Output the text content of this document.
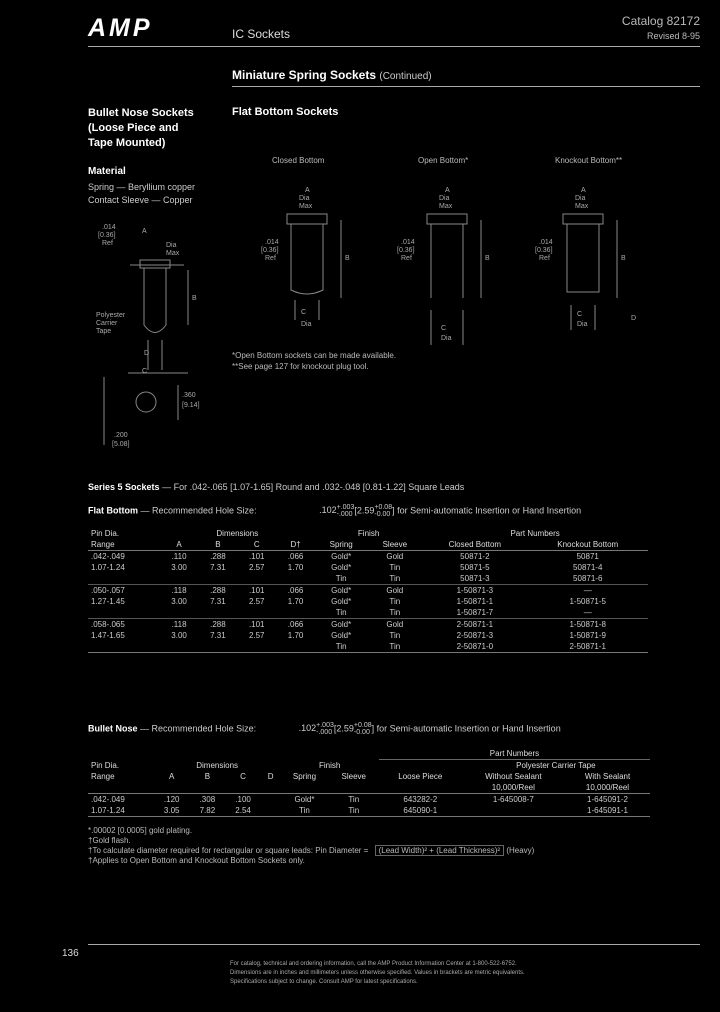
AMP	IC Sockets
Catalog 82172
Revised 8-95
Miniature Spring Sockets (Continued)
Bullet Nose Sockets
(Loose Piece and
Tape Mounted)
Material
Spring — Beryllium copper
Contact Sleeve — Copper
.014
[0.36]
Ref
A
Dia
Max
B
D
C
Polyester
Carrier
Tape
.360
[9.14]
.200
[5.08]
Flat Bottom Sockets
Closed Bottom	Open Bottom*	Knockout Bottom**
A
Dia
Max
.014
[0.36]
Ref	B
C
Dia
A
Dia
Max
.014
[0.36]
Ref	B
C
Dia
A
Dia
Max
.014
[0.36]
Ref	B
C
Dia
D
*Open Bottom sockets can be made available.
**See page 127 for knockout plug tool.
Series 5 Sockets — For .042-.065 [1.07-1.65] Round and .032-.048 [0.81-1.22] Square Leads
Flat Bottom — Recommended Hole Size:	.102 +.003
-.000 [2.59 +0.08
-0.00 ] for Semi-automatic Insertion or Hand Insertion
Pin Dia.	Dimensions				Finish		Part Numbers	
Range	A	B	C	D†	Spring	Sleeve	Closed Bottom	Knockout Bottom
.042-.049	.110	.288	.101	.066	Gold*	Gold	50871-2	50871
1.07-1.24	3.00	7.31	2.57	1.70	Gold*	Tin	50871-5	50871-4
					Tin	Tin	50871-3	50871-6
.050-.057	.118	.288	.101	.066	Gold*	Gold	1-50871-3	—
1.27-1.45	3.00	7.31	2.57	1.70	Gold*	Tin	1-50871-1	1-50871-5
					Tin	Tin	1-50871-7	—
.058-.065	.118	.288	.101	.066	Gold*	Gold	2-50871-1	1-50871-8
1.47-1.65	3.00	7.31	2.57	1.70	Gold*	Tin	2-50871-3	1-50871-9
					Tin	Tin	2-50871-0	2-50871-1
Bullet Nose — Recommended Hole Size:	.102 +.003
-.000 [2.59 +0.08
-0.00 ] for Semi-automatic Insertion or Hand Insertion
							Part Numbers		
Pin Dia.	Dimensions				Finish			Polyester Carrier Tape	
Range	A	B	C	D	Spring	Sleeve	Loose Piece	Without Sealant	With Sealant
								10,000/Reel	10,000/Reel
.042-.049	.120	.308	.100		Gold*	Tin	643282-2	1-645008-7	1-645091-2
1.07-1.24	3.05	7.82	2.54		Tin	Tin	645090-1		1-645091-1
*.00002 [0.0005] gold plating.
†Gold flash.
†To calculate diameter required for rectangular or square leads: Pin Diameter = (Lead Width)² + (Lead Thickness)² (Heavy)
†Applies to Open Bottom and Knockout Bottom Sockets only.
136
For catalog, technical and ordering information, call the AMP Product Information Center at 1-800-522-6752.
Dimensions are in inches and millimeters unless otherwise specified. Values in brackets are metric equivalents.
Specifications subject to change. Consult AMP for latest specifications.
